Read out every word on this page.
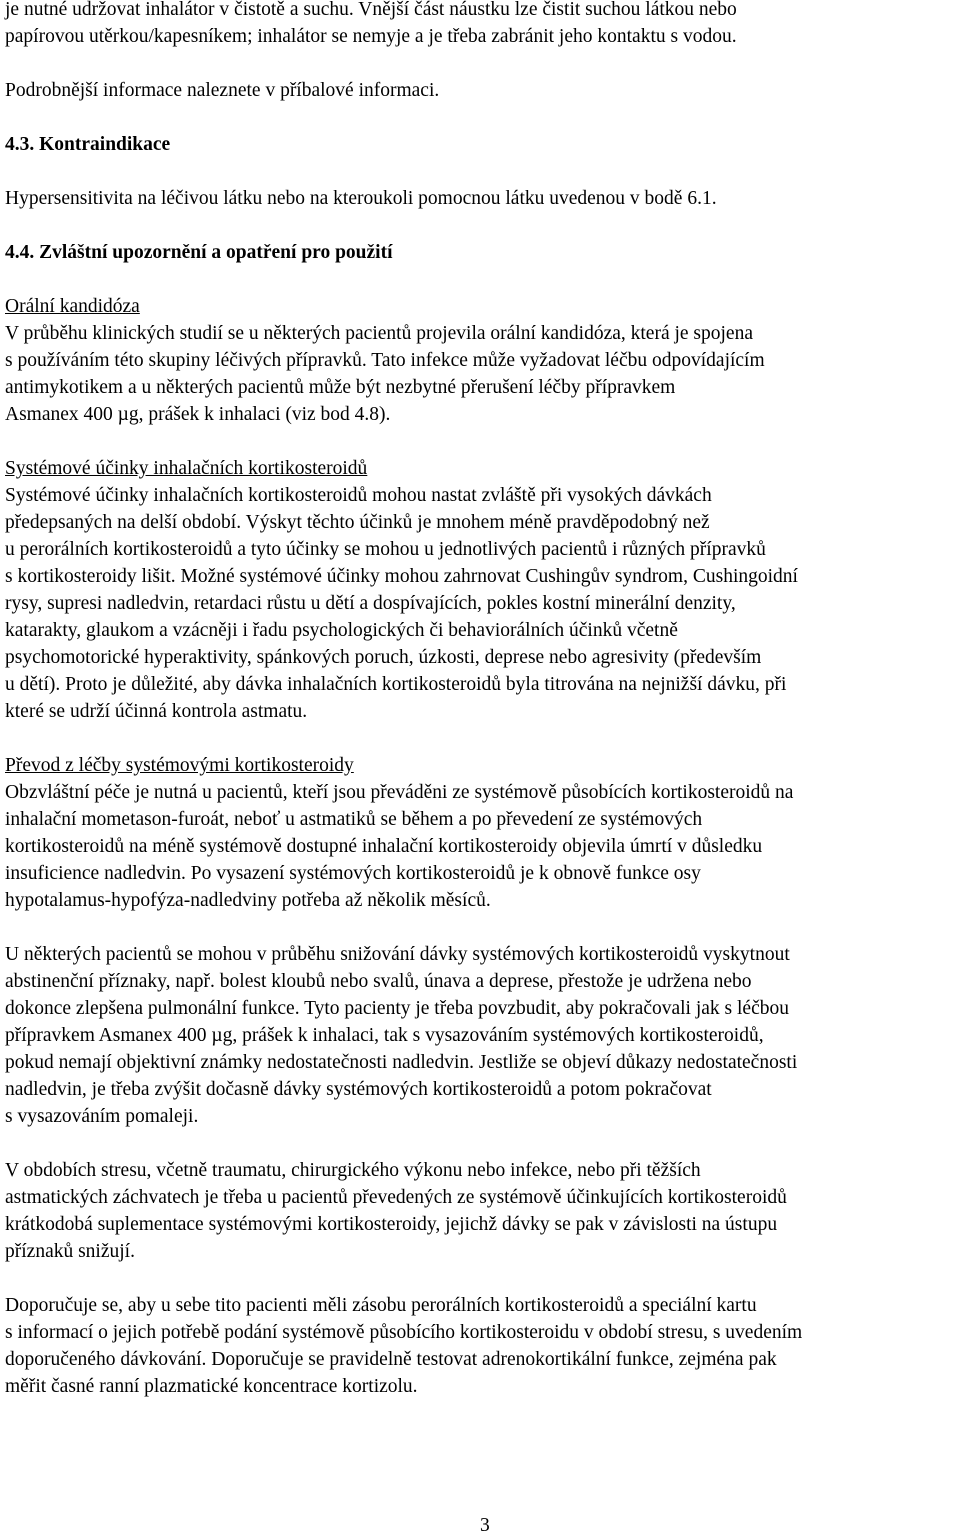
je nutné udržovat inhalátor v čistotě a suchu. Vnější část náustku lze čistit suchou látkou nebo
papírovou utěrkou/kapesníkem; inhalátor se nemyje a je třeba zabránit jeho kontaktu s vodou.

Podrobnější informace naleznete v příbalové informaci.

4.3. Kontraindikace

Hypersensitivita na léčivou látku nebo na kteroukoli pomocnou látku uvedenou v bodě 6.1.

4.4. Zvláštní upozornění a opatření pro použití

Orální kandidóza
V průběhu klinických studií se u některých pacientů projevila orální kandidóza, která je spojena
s používáním této skupiny léčivých přípravků. Tato infekce může vyžadovat léčbu odpovídajícím
antimykotikem a u některých pacientů může být nezbytné přerušení léčby přípravkem
Asmanex 400 µg, prášek k inhalaci (viz bod 4.8).
Systémové účinky inhalačních kortikosteroidů
Systémové účinky inhalačních kortikosteroidů mohou nastat zvláště při vysokých dávkách
předepsaných na delší období. Výskyt těchto účinků je mnohem méně pravděpodobný než
u perorálních kortikosteroidů a tyto účinky se mohou u jednotlivých pacientů i různých přípravků
s kortikosteroidy lišit. Možné systémové účinky mohou zahrnovat Cushingův syndrom, Cushingoidní
rysy, supresi nadledvin, retardaci růstu u dětí a dospívajících, pokles kostní minerální denzity,
katarakty, glaukom a vzácněji i řadu psychologických či behaviorálních účinků včetně
psychomotorické hyperaktivity, spánkových poruch, úzkosti, deprese nebo agresivity (především
u dětí). Proto je důležité, aby dávka inhalačních kortikosteroidů byla titrována na nejnižší dávku, při
které se udrží účinná kontrola astmatu.
Převod z léčby systémovými kortikosteroidy
Obzvláštní péče je nutná u pacientů, kteří jsou převáděni ze systémově působících kortikosteroidů na
inhalační mometason-furoát, neboť u astmatiků se během a po převedení ze systémových
kortikosteroidů na méně systémově dostupné inhalační kortikosteroidy objevila úmrtí v důsledku
insuficience nadledvin. Po vysazení systémových kortikosteroidů je k obnově funkce osy
hypotalamus-hypofýza-nadledviny potřeba až několik měsíců.
U některých pacientů se mohou v průběhu snižování dávky systémových kortikosteroidů vyskytnout
abstinenční příznaky, např. bolest kloubů nebo svalů, únava a deprese, přestože je udržena nebo
dokonce zlepšena pulmonální funkce. Tyto pacienty je třeba povzbudit, aby pokračovali jak s léčbou
přípravkem Asmanex 400 µg, prášek k inhalaci, tak s vysazováním systémových kortikosteroidů,
pokud nemají objektivní známky nedostatečnosti nadledvin. Jestliže se objeví důkazy nedostatečnosti
nadledvin, je třeba zvýšit dočasně dávky systémových kortikosteroidů a potom pokračovat
s vysazováním pomaleji.
V obdobích stresu, včetně traumatu, chirurgického výkonu nebo infekce, nebo při těžších
astmatických záchvatech je třeba u pacientů převedených ze systémově účinkujících kortikosteroidů
krátkodobá suplementace systémovými kortikosteroidy, jejichž dávky se pak v závislosti na ústupu
příznaků snižují.
Doporučuje se, aby u sebe tito pacienti měli zásobu perorálních kortikosteroidů a speciální kartu
s informací o jejich potřebě podání systémově působícího kortikosteroidu v období stresu, s uvedením
doporučeného dávkování. Doporučuje se pravidelně testovat adrenokortikální funkce, zejména pak
měřit časné ranní plazmatické koncentrace kortizolu.
3
